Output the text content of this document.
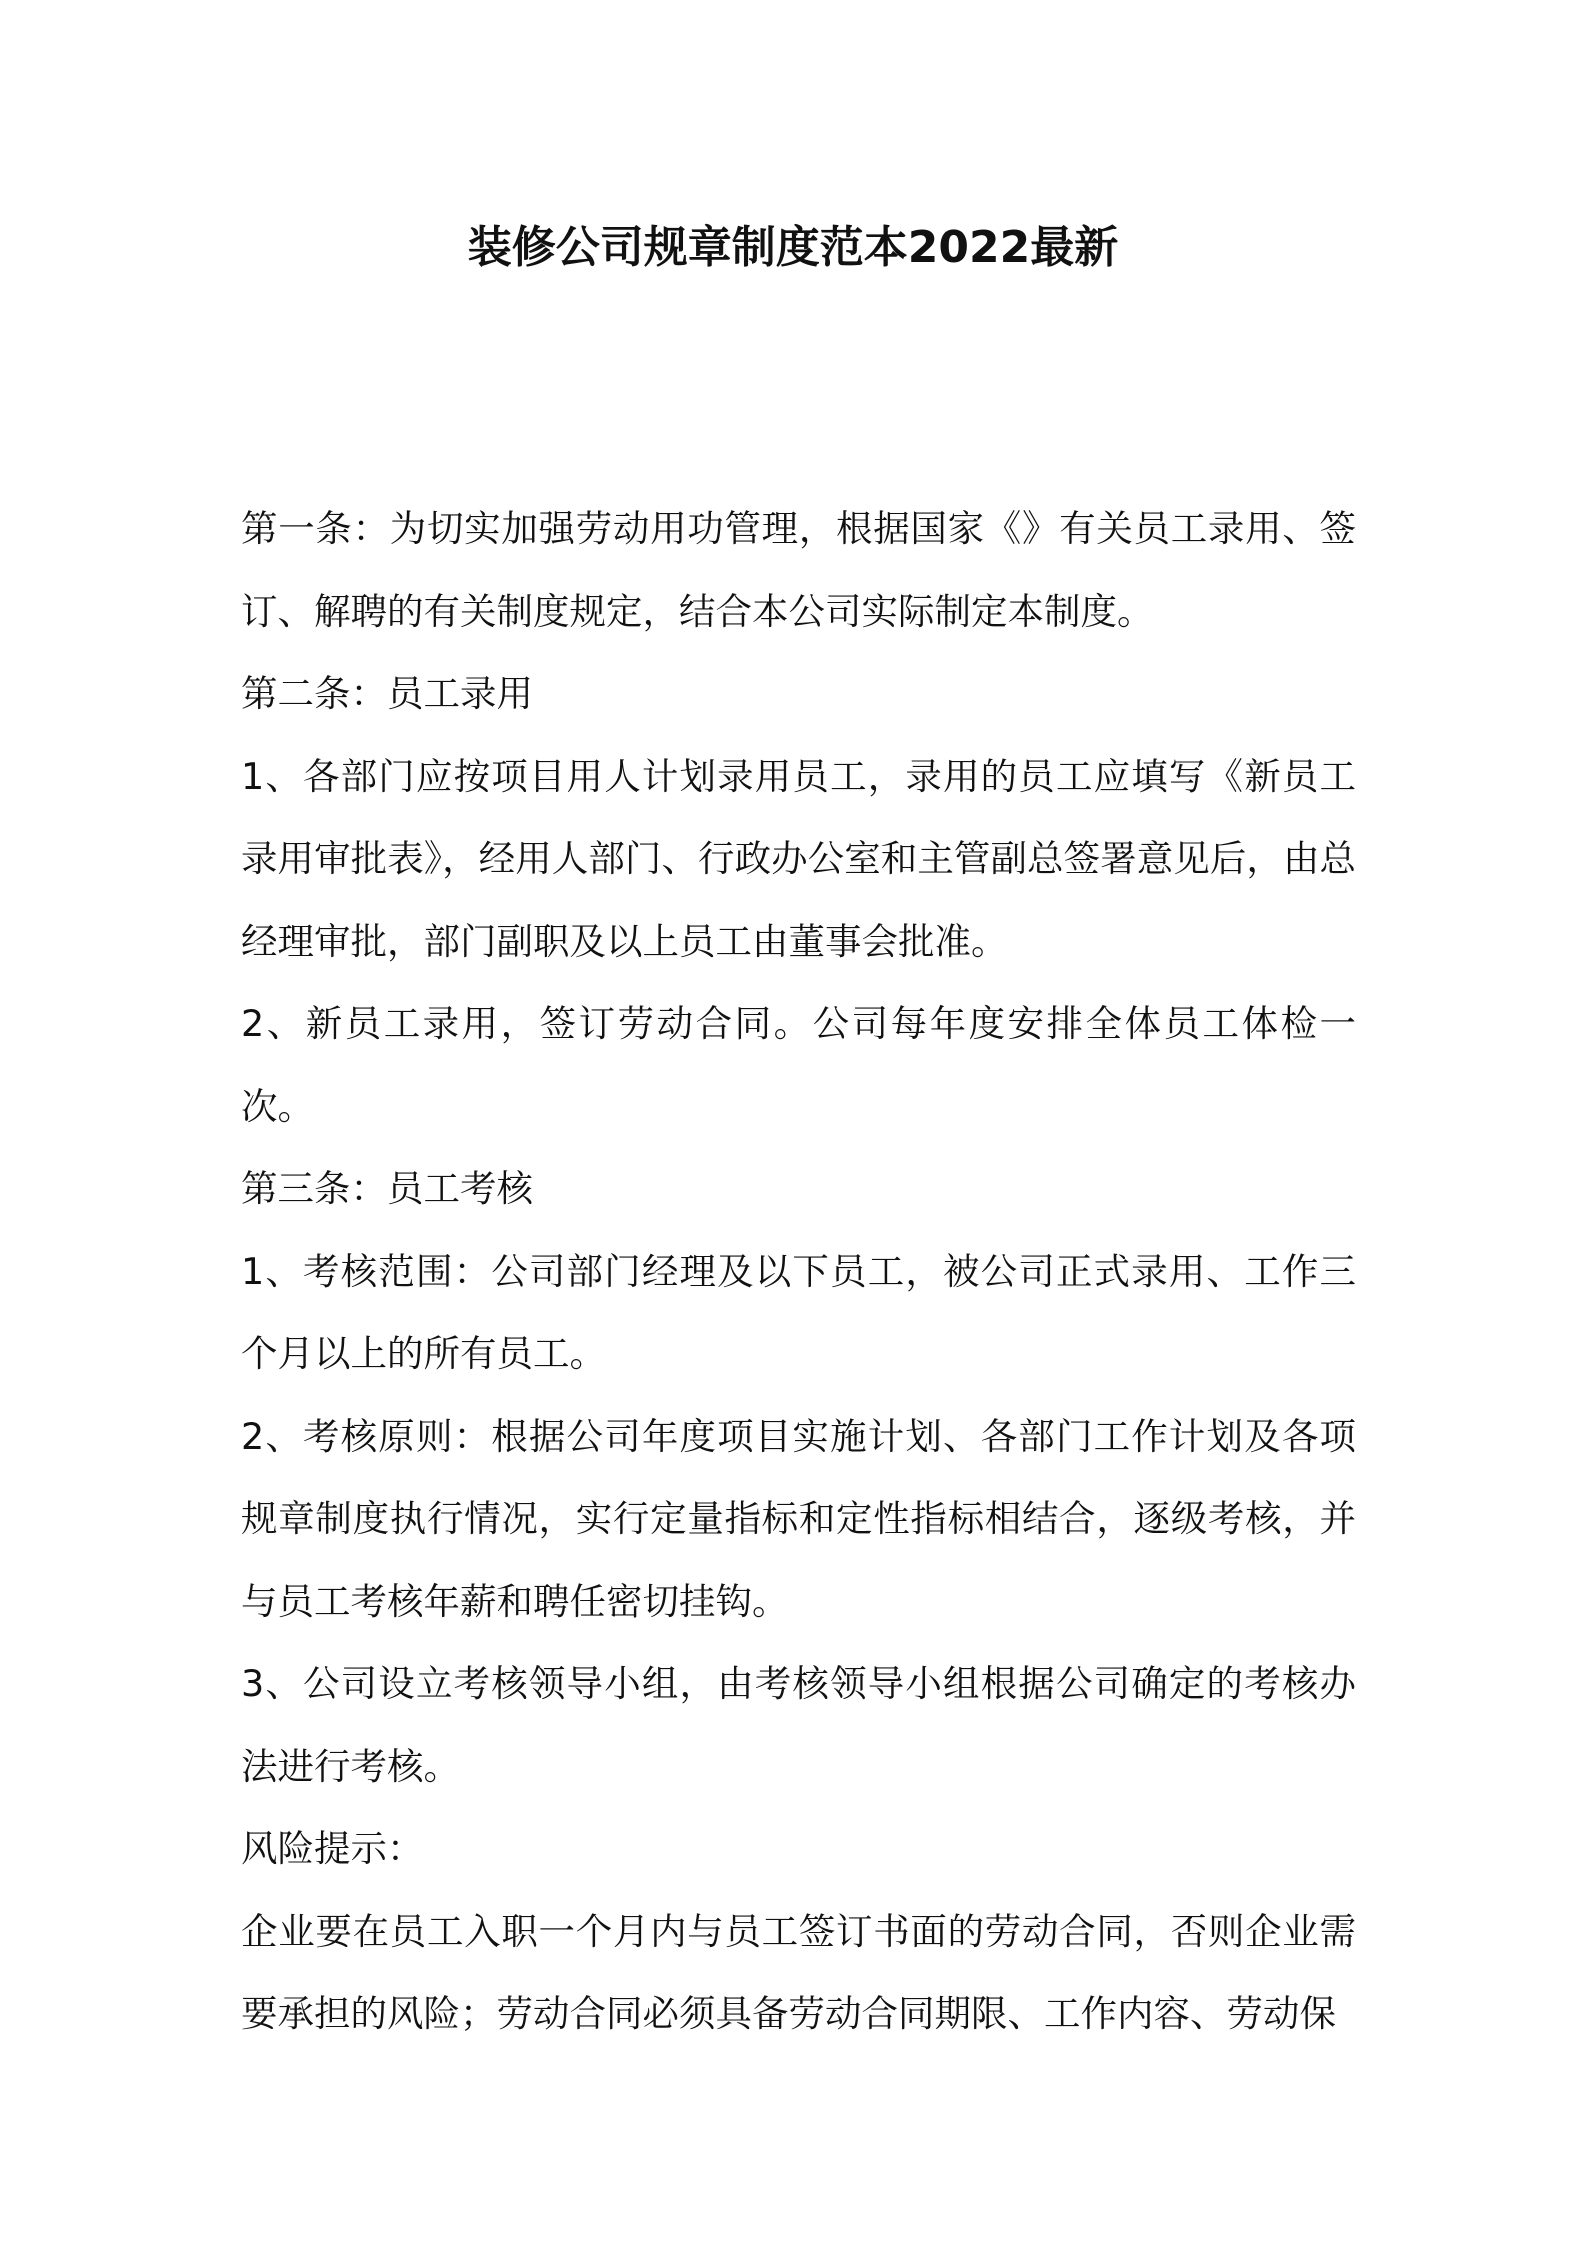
装修公司规章制度范本2022最新

第一条：为切实加强劳动用功管理，根据国家《》有关员工录用、签订、解聘的有关制度规定，结合本公司实际制定本制度。

第二条：员工录用

1、各部门应按项目用人计划录用员工，录用的员工应填写《新员工录用审批表》，经用人部门、行政办公室和主管副总签署意见后，由总经理审批，部门副职及以上员工由董事会批准。

2、新员工录用，签订劳动合同。公司每年度安排全体员工体检一次。

第三条：员工考核

1、考核范围：公司部门经理及以下员工，被公司正式录用、工作三个月以上的所有员工。

2、考核原则：根据公司年度项目实施计划、各部门工作计划及各项规章制度执行情况，实行定量指标和定性指标相结合，逐级考核，并与员工考核年薪和聘任密切挂钩。

3、公司设立考核领导小组，由考核领导小组根据公司确定的考核办法进行考核。

风险提示：

企业要在员工入职一个月内与员工签订书面的劳动合同，否则企业需要承担的风险；劳动合同必须具备劳动合同期限、工作内容、劳动保
